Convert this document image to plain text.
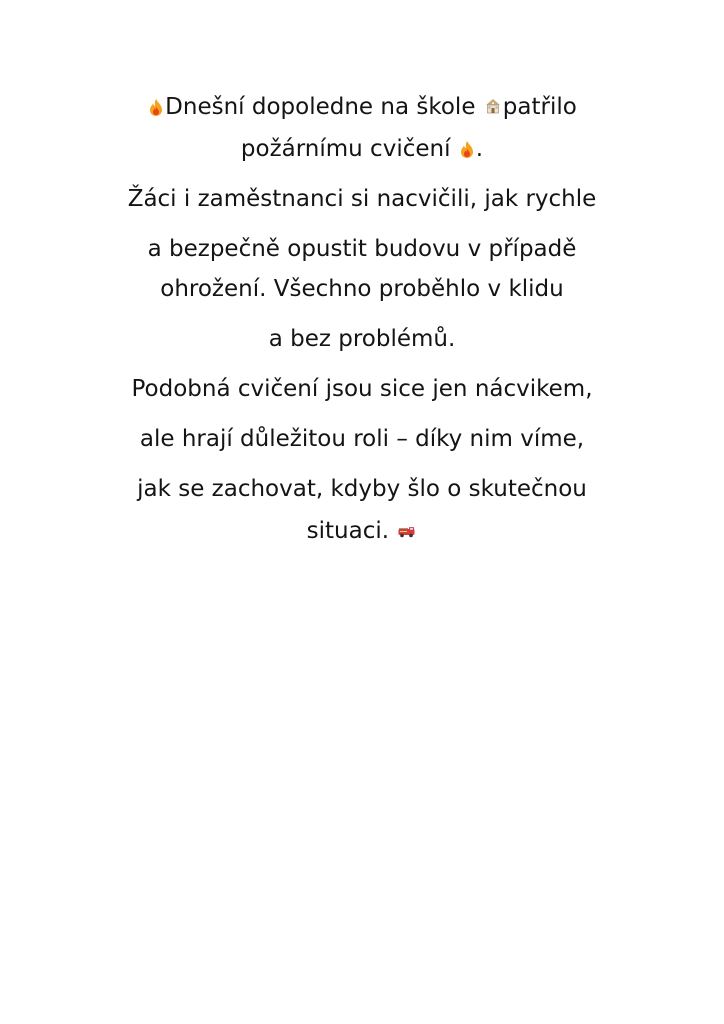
Dnešní dopoledne na škole
patřilo
požárnímu cvičení
.
Žáci i zaměstnanci si nacvičili, jak rychle
a bezpečně opustit budovu v případě
ohrožení. Všechno proběhlo v klidu
a bez problémů.
Podobná cvičení jsou sice jen nácvikem,
ale hrají důležitou roli – díky nim víme,
jak se zachovat, kdyby šlo o skutečnou
situaci.
